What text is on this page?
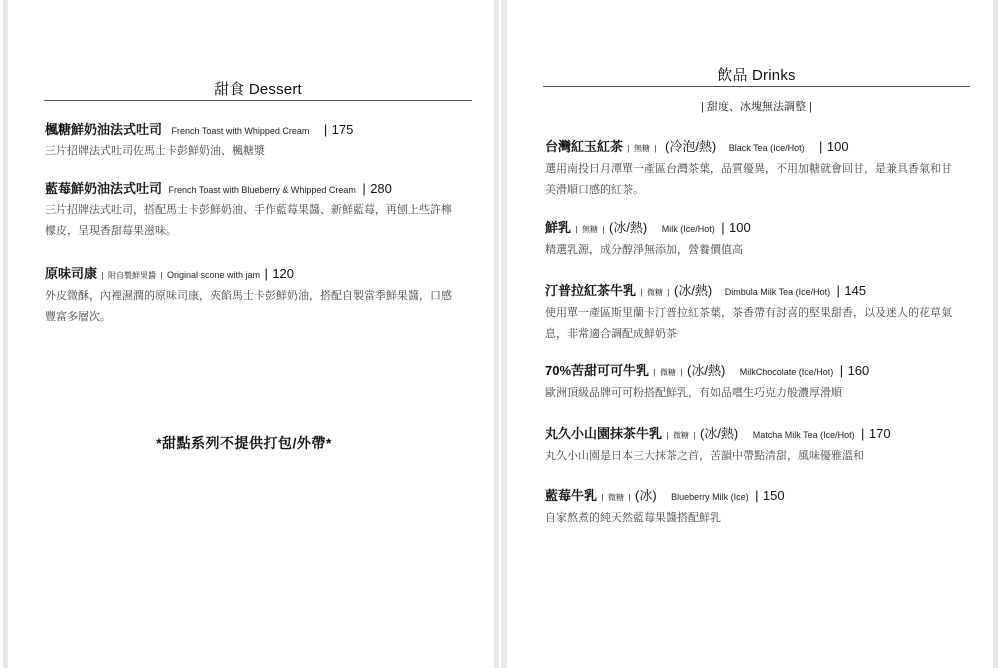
甜食 Dessert
楓糖鮮奶油法式吐司 French Toast with Whipped Cream | 175
三片招牌法式吐司佐馬士卡彭鮮奶油、楓糖漿
藍莓鮮奶油法式吐司 French Toast with Blueberry & Whipped Cream | 280
三片招牌法式吐司，搭配馬士卡彭鮮奶油、手作藍莓果醬、新鮮藍莓，再刨上些許檸
檬皮，呈現香甜莓果滋味。
原味司康 | 附自製鮮果醬 | Original scone with jam | 120
外皮微酥，內裡濕潤的原味司康，夾餡馬士卡彭鮮奶油，搭配自製當季鮮果醬，口感
豐富多層次。
*甜點系列不提供打包/外帶*
飲品 Drinks
| 甜度、冰塊無法調整 |
台灣紅玉紅茶 | 無糖 | (冷泡/熱) Black Tea (Ice/Hot) | 100
選用南投日月潭單一產區台灣茶葉，品質優異，不用加糖就會回甘，是兼具香氣和甘
美滑順口感的紅茶。
鮮乳 | 無糖 | (冰/熱) Milk (Ice/Hot) | 100
精選乳源，成分醇淨無添加，營養價值高
汀普拉紅茶牛乳 | 微糖 | (冰/熱) Dimbula Milk Tea (Ice/Hot) | 145
使用單一產區斯里蘭卡汀普拉紅茶葉，茶香帶有討喜的堅果甜香，以及迷人的花草氣
息，非常適合調配成鮮奶茶
70%苦甜可可牛乳 | 微糖 | (冰/熱) MilkChocolate (Ice/Hot) | 160
歐洲頂級品牌可可粉搭配鮮乳，有如品嚐生巧克力般濃厚滑順
丸久小山園抹茶牛乳 | 微糖 | (冰/熱) Matcha Milk Tea (Ice/Hot) | 170
丸久小山園是日本三大抹茶之首，苦韻中帶點清甜，風味優雅溫和
藍莓牛乳 | 微糖 | (冰) Blueberry Milk (Ice) | 150
自家熬煮的純天然藍莓果醬搭配鮮乳
